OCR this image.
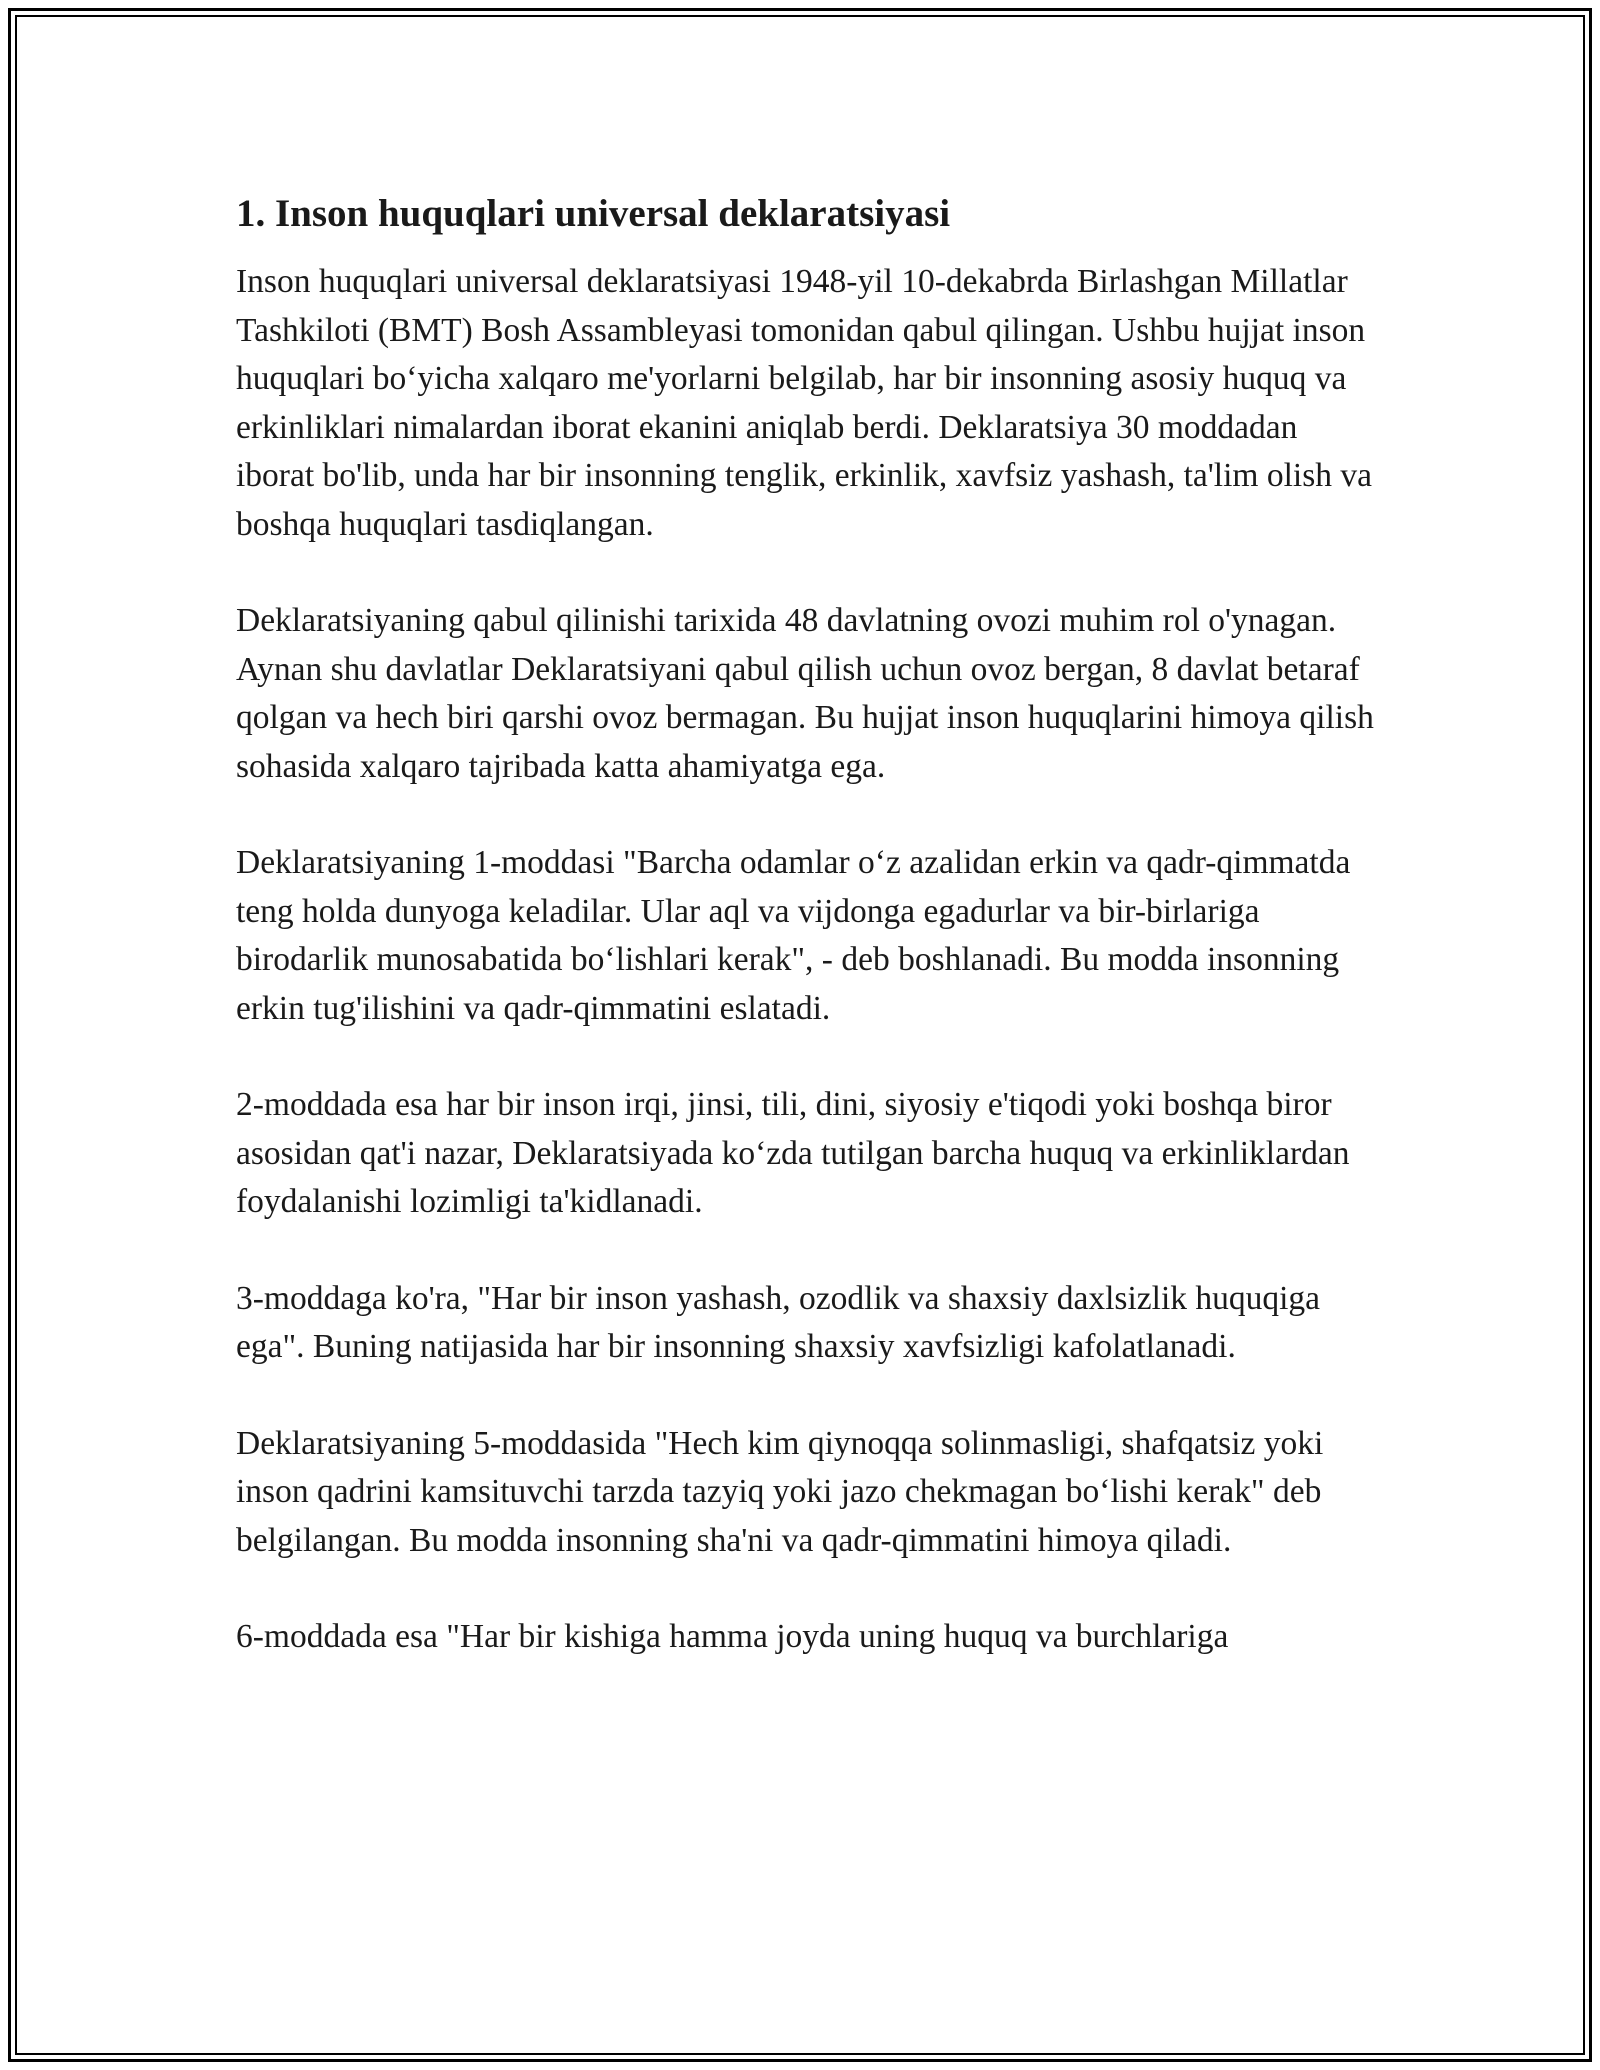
1. Inson huquqlari universal deklaratsiyasi

Inson huquqlari universal deklaratsiyasi 1948-yil 10-dekabrda Birlashgan Millatlar Tashkiloti (BMT) Bosh Assambleyasi tomonidan qabul qilingan. Ushbu hujjat inson huquqlari bo‘yicha xalqaro me'yorlarni belgilab, har bir insonning asosiy huquq va erkinliklari nimalardan iborat ekanini aniqlab berdi. Deklaratsiya 30 moddadan iborat bo'lib, unda har bir insonning tenglik, erkinlik, xavfsiz yashash, ta'lim olish va boshqa huquqlari tasdiqlangan.

Deklaratsiyaning qabul qilinishi tarixida 48 davlatning ovozi muhim rol o'ynagan. Aynan shu davlatlar Deklaratsiyani qabul qilish uchun ovoz bergan, 8 davlat betaraf qolgan va hech biri qarshi ovoz bermagan. Bu hujjat inson huquqlarini himoya qilish sohasida xalqaro tajribada katta ahamiyatga ega.

Deklaratsiyaning 1-moddasi "Barcha odamlar o‘z azalidan erkin va qadr-qimmatda teng holda dunyoga keladilar. Ular aql va vijdonga egadurlar va bir-birlariga birodarlik munosabatida bo‘lishlari kerak", - deb boshlanadi. Bu modda insonning erkin tug'ilishini va qadr-qimmatini eslatadi.

2-moddada esa har bir inson irqi, jinsi, tili, dini, siyosiy e'tiqodi yoki boshqa biror asosidan qat'i nazar, Deklaratsiyada ko‘zda tutilgan barcha huquq va erkinliklardan foydalanishi lozimligi ta'kidlanadi.

3-moddaga ko'ra, "Har bir inson yashash, ozodlik va shaxsiy daxlsizlik huquqiga ega". Buning natijasida har bir insonning shaxsiy xavfsizligi kafolatlanadi.

Deklaratsiyaning 5-moddasida "Hech kim qiynoqqa solinmasligi, shafqatsiz yoki inson qadrini kamsituvchi tarzda tazyiq yoki jazo chekmagan bo‘lishi kerak" deb belgilangan. Bu modda insonning sha'ni va qadr-qimmatini himoya qiladi.

6-moddada esa "Har bir kishiga hamma joyda uning huquq va burchlariga
